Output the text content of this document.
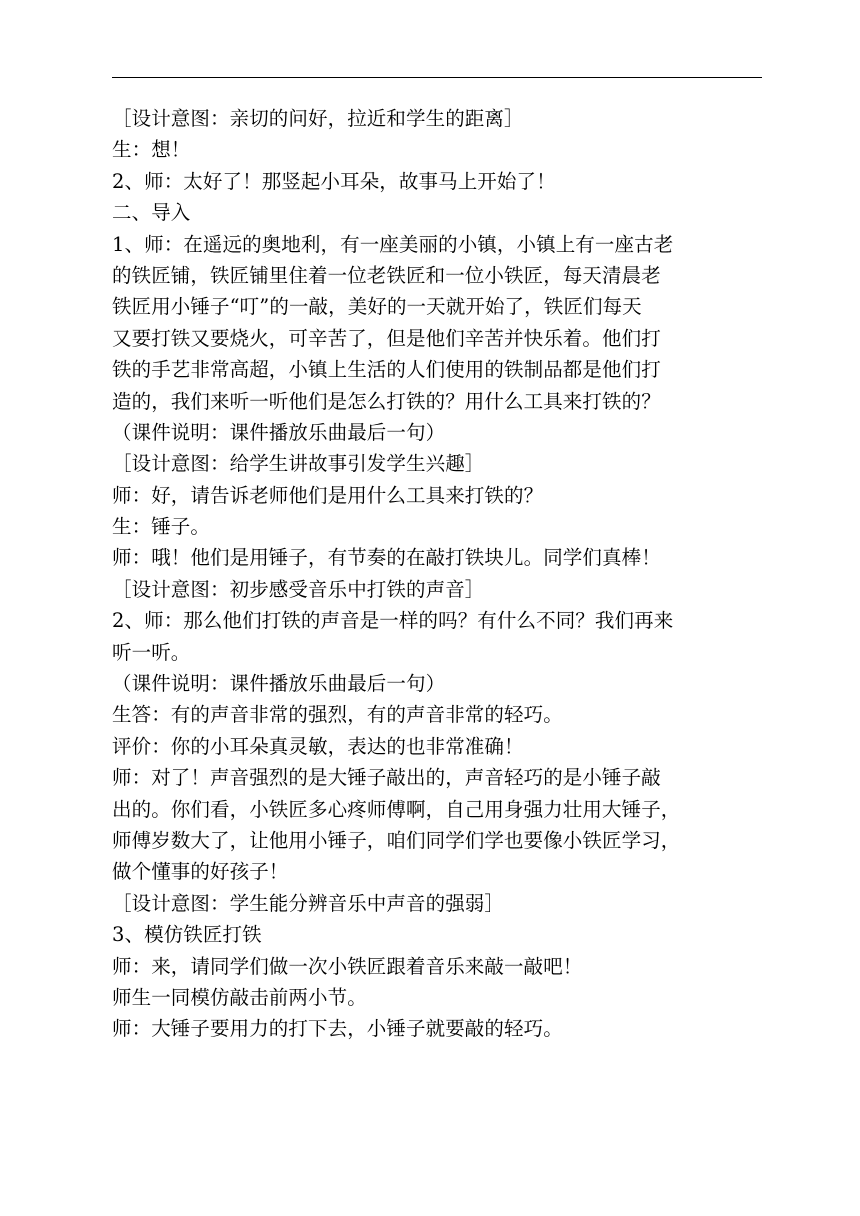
［设计意图：亲切的问好，拉近和学生的距离］
生：想！
2、师：太好了！那竖起小耳朵，故事马上开始了！
二、导入
1、师：在遥远的奥地利，有一座美丽的小镇，小镇上有一座古老
的铁匠铺，铁匠铺里住着一位老铁匠和一位小铁匠，每天清晨老
铁匠用小锤子“叮”的一敲，美好的一天就开始了，铁匠们每天
又要打铁又要烧火，可辛苦了，但是他们辛苦并快乐着。他们打
铁的手艺非常高超，小镇上生活的人们使用的铁制品都是他们打
造的，我们来听一听他们是怎么打铁的？用什么工具来打铁的？
（课件说明：课件播放乐曲最后一句）
［设计意图：给学生讲故事引发学生兴趣］
师：好，请告诉老师他们是用什么工具来打铁的？
生：锤子。
师：哦！他们是用锤子，有节奏的在敲打铁块儿。同学们真棒！
［设计意图：初步感受音乐中打铁的声音］
2、师：那么他们打铁的声音是一样的吗？有什么不同？我们再来
听一听。
（课件说明：课件播放乐曲最后一句）
生答：有的声音非常的强烈，有的声音非常的轻巧。
评价：你的小耳朵真灵敏，表达的也非常准确！
师：对了！声音强烈的是大锤子敲出的，声音轻巧的是小锤子敲
出的。你们看，小铁匠多心疼师傅啊，自己用身强力壮用大锤子，
师傅岁数大了，让他用小锤子，咱们同学们学也要像小铁匠学习，
做个懂事的好孩子！
［设计意图：学生能分辨音乐中声音的强弱］
3、模仿铁匠打铁
师：来，请同学们做一次小铁匠跟着音乐来敲一敲吧！
师生一同模仿敲击前两小节。
师：大锤子要用力的打下去，小锤子就要敲的轻巧。
